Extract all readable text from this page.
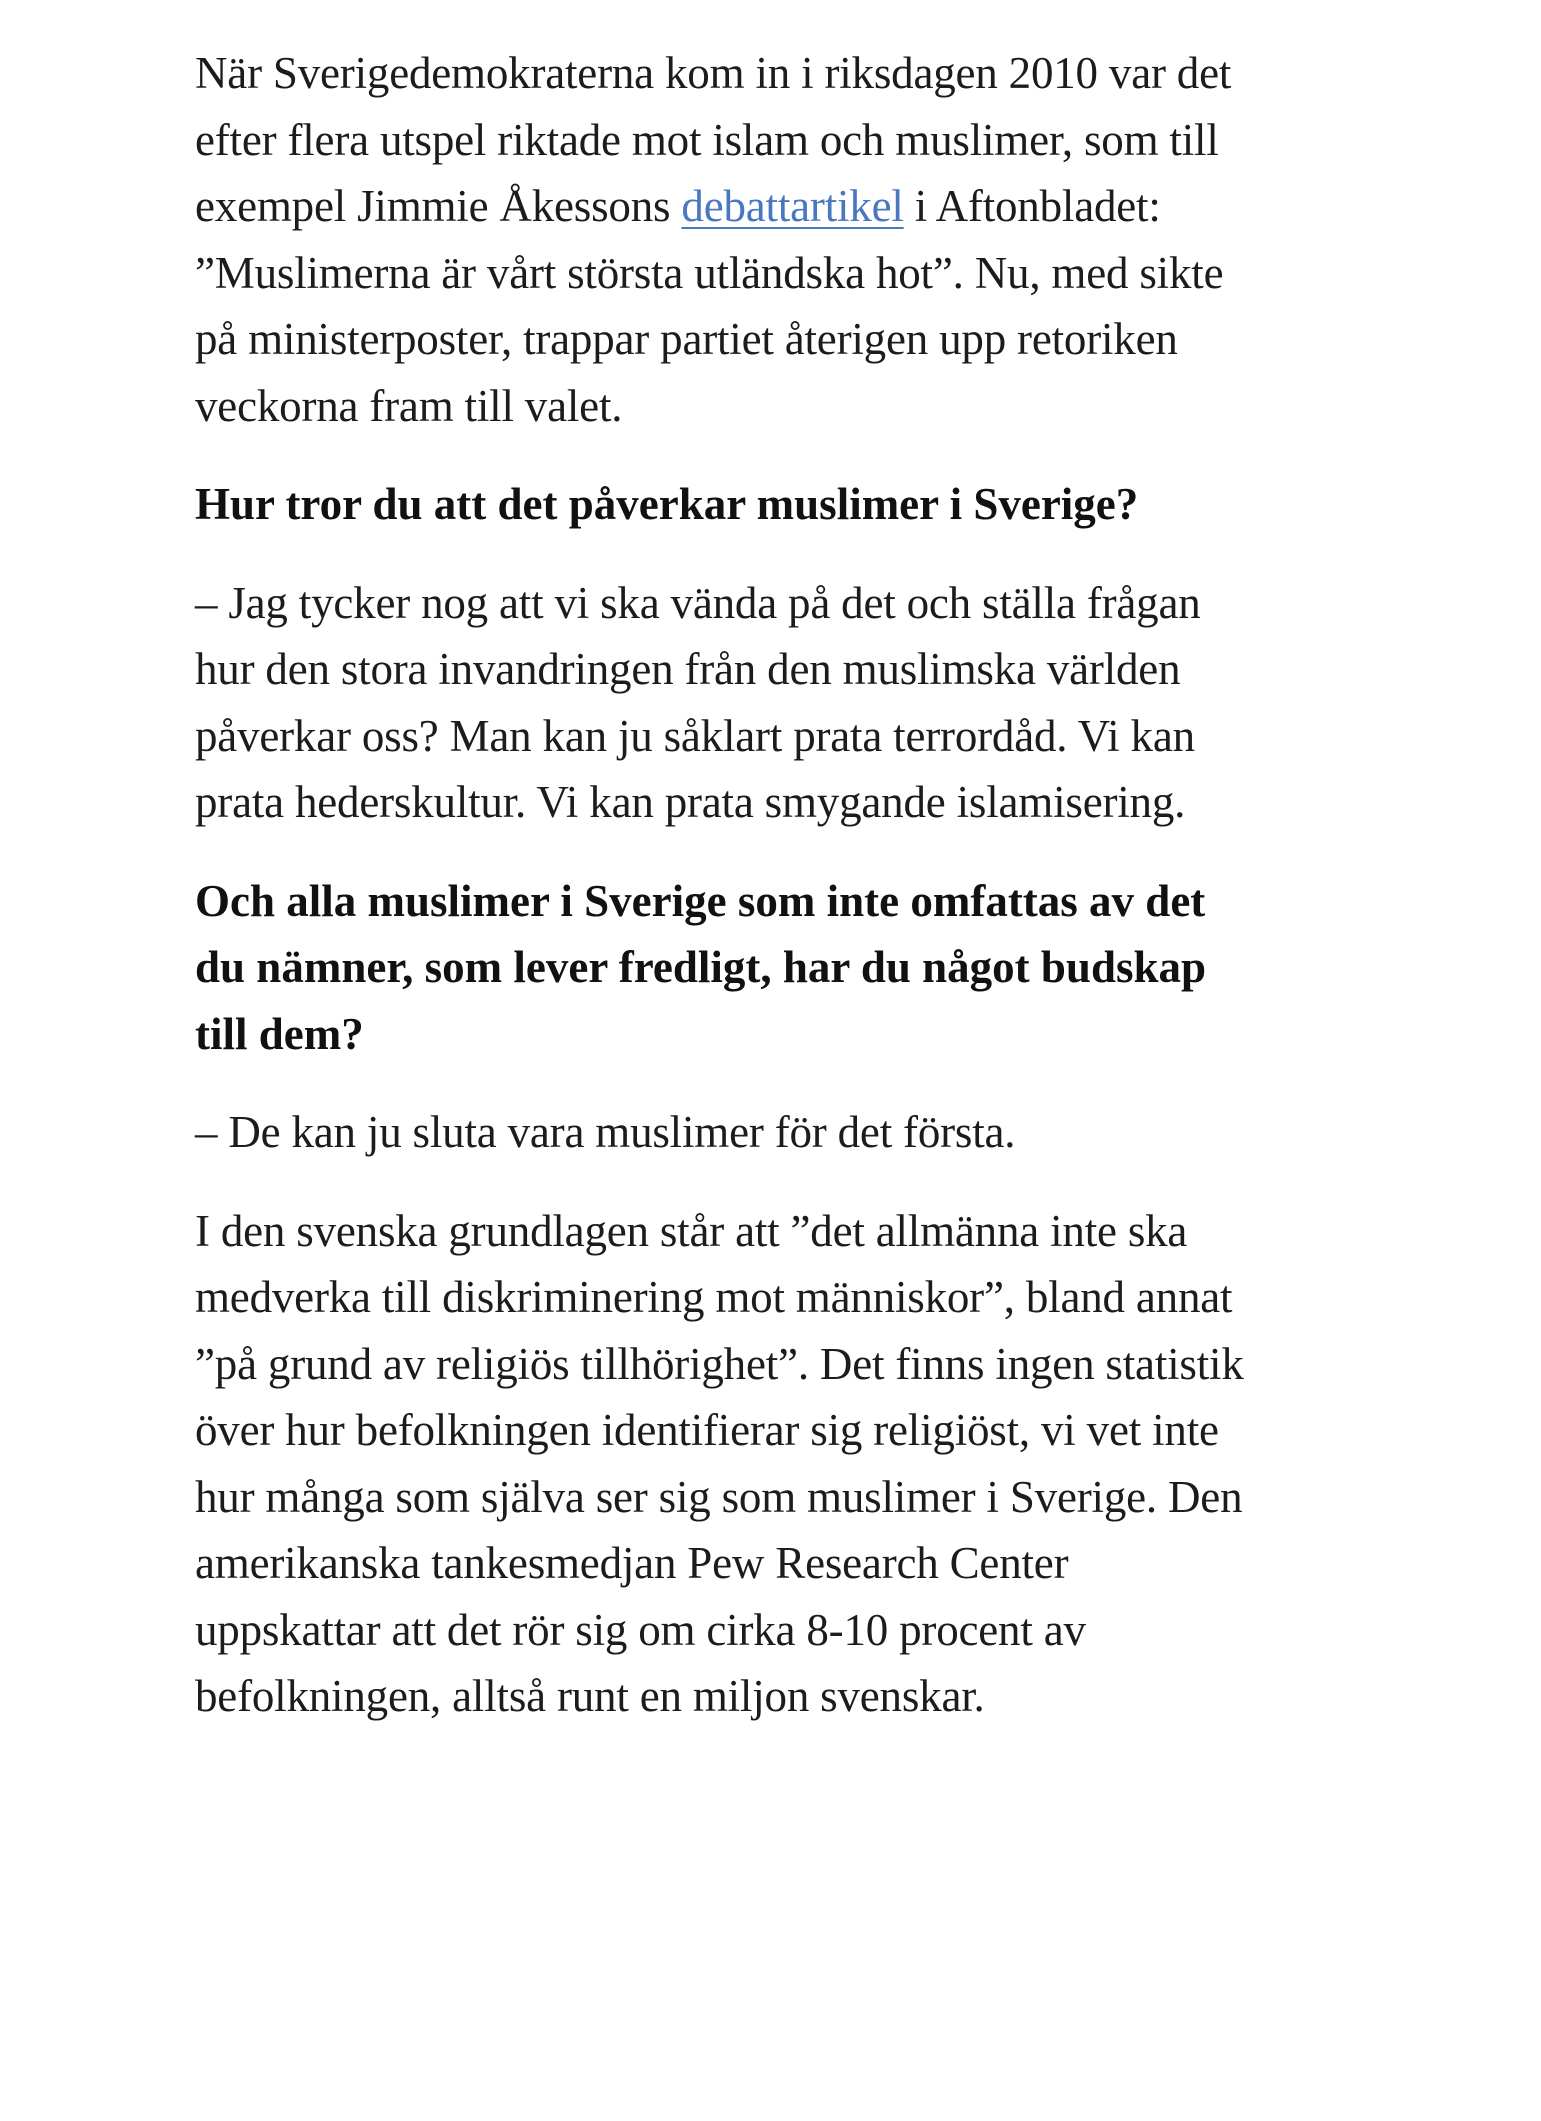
När Sverigedemokraterna kom in i riksdagen 2010 var det efter flera utspel riktade mot islam och muslimer, som till exempel Jimmie Åkessons debattartikel i Aftonbladet: ”Muslimerna är vårt största utländska hot”. Nu, med sikte på ministerposter, trappar partiet återigen upp retoriken veckorna fram till valet.

Hur tror du att det påverkar muslimer i Sverige?

– Jag tycker nog att vi ska vända på det och ställa frågan hur den stora invandringen från den muslimska världen påverkar oss? Man kan ju såklart prata terrordåd. Vi kan prata hederskultur. Vi kan prata smygande islamisering.

Och alla muslimer i Sverige som inte omfattas av det du nämner, som lever fredligt, har du något budskap till dem?

– De kan ju sluta vara muslimer för det första.

I den svenska grundlagen står att ”det allmänna inte ska medverka till diskriminering mot människor”, bland annat ”på grund av religiös tillhörighet”. Det finns ingen statistik över hur befolkningen identifierar sig religiöst, vi vet inte hur många som själva ser sig som muslimer i Sverige. Den amerikanska tankesmedjan Pew Research Center uppskattar att det rör sig om cirka 8-10 procent av befolkningen, alltså runt en miljon svenskar.
